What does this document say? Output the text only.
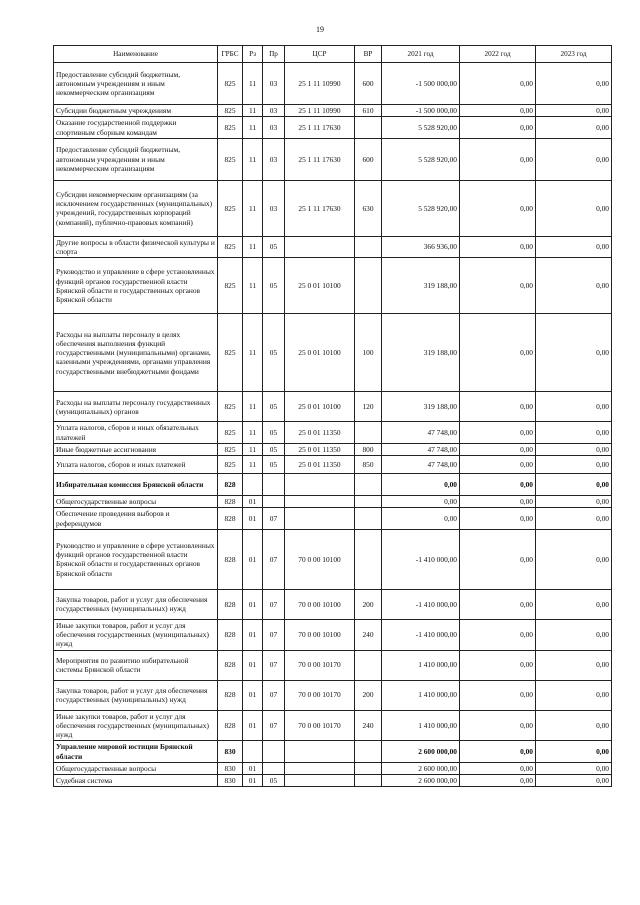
19
Наименование	ГРБС	Рз	Пр	ЦСР	ВР	2021 год	2022 год	2023 год
Предоставление субсидий бюджетным, автономным учреждениям и иным некоммерческим организациям	825	11	03	25 1 11 10990	600	-1 500 000,00	0,00	0,00
Субсидии бюджетным учреждениям	825	11	03	25 1 11 10990	610	-1 500 000,00	0,00	0,00
Оказание государственной поддержки спортивным сборным командам	825	11	03	25 1 11 17630		5 528 920,00	0,00	0,00
Предоставление субсидий бюджетным, автономным учреждениям и иным некоммерческим организациям	825	11	03	25 1 11 17630	600	5 528 920,00	0,00	0,00
Субсидии некоммерческим организациям (за исключением государственных (муниципальных) учреждений, государственных корпораций (компаний), публично-правовых компаний)	825	11	03	25 1 11 17630	630	5 528 920,00	0,00	0,00
Другие вопросы в области физической культуры и спорта	825	11	05			366 936,00	0,00	0,00
Руководство и управление в сфере установленных функций органов государственной власти Брянской области и государственных органов Брянской области	825	11	05	25 0 01 10100		319 188,00	0,00	0,00
Расходы на выплаты персоналу в целях обеспечения выполнения функций государственными (муниципальными) органами, казенными учреждениями, органами управления государственными внебюджетными фондами	825	11	05	25 0 01 10100	100	319 188,00	0,00	0,00
Расходы на выплаты персоналу государственных (муниципальных) органов	825	11	05	25 0 01 10100	120	319 188,00	0,00	0,00
Уплата налогов, сборов и иных обязательных платежей	825	11	05	25 0 01 11350		47 748,00	0,00	0,00
Иные бюджетные ассигнования	825	11	05	25 0 01 11350	800	47 748,00	0,00	0,00
Уплата налогов, сборов и иных платежей	825	11	05	25 0 01 11350	850	47 748,00	0,00	0,00
Избирательная комиссия Брянской области	828					0,00	0,00	0,00
Общегосударственные вопросы	828	01				0,00	0,00	0,00
Обеспечение проведения выборов и референдумов	828	01	07			0,00	0,00	0,00
Руководство и управление в сфере установленных функций органов государственной власти Брянской области и государственных органов Брянской области	828	01	07	70 0 00 10100		-1 410 000,00	0,00	0,00
Закупка товаров, работ и услуг для обеспечения государственных (муниципальных) нужд	828	01	07	70 0 00 10100	200	-1 410 000,00	0,00	0,00
Иные закупки товаров, работ и услуг для обеспечения государственных (муниципальных) нужд	828	01	07	70 0 00 10100	240	-1 410 000,00	0,00	0,00
Мероприятия по развитию избирательной системы Брянской области	828	01	07	70 0 00 10170		1 410 000,00	0,00	0,00
Закупка товаров, работ и услуг для обеспечения государственных (муниципальных) нужд	828	01	07	70 0 00 10170	200	1 410 000,00	0,00	0,00
Иные закупки товаров, работ и услуг для обеспечения государственных (муниципальных) нужд	828	01	07	70 0 00 10170	240	1 410 000,00	0,00	0,00
Управление мировой юстиции Брянской области	830					2 600 000,00	0,00	0,00
Общегосударственные вопросы	830	01				2 600 000,00	0,00	0,00
Судебная система	830	01	05			2 600 000,00	0,00	0,00
